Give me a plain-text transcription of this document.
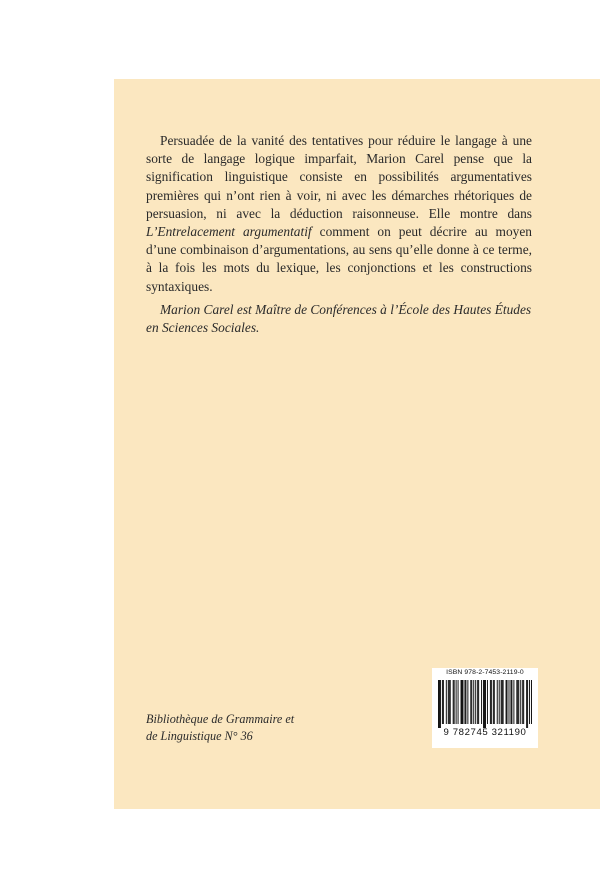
Persuadée de la vanité des tentatives pour réduire le langage à une sorte de langage logique imparfait, Marion Carel pense que la signification linguistique consiste en possibilités argumentatives premières qui n’ont rien à voir, ni avec les démarches rhétoriques de persuasion, ni avec la déduction raisonneuse. Elle montre dans L’Entrelacement argumentatif comment on peut décrire au moyen d’une combinaison d’argumentations, au sens qu’elle donne à ce terme, à la fois les mots du lexique, les conjonctions et les constructions syntaxiques.

Marion Carel est Maître de Conférences à l’École des Hautes Études en Sciences Sociales.

Bibliothèque de Grammaire et
de Linguistique N° 36
ISBN 978-2-7453-2119-0
9 782745 321190
